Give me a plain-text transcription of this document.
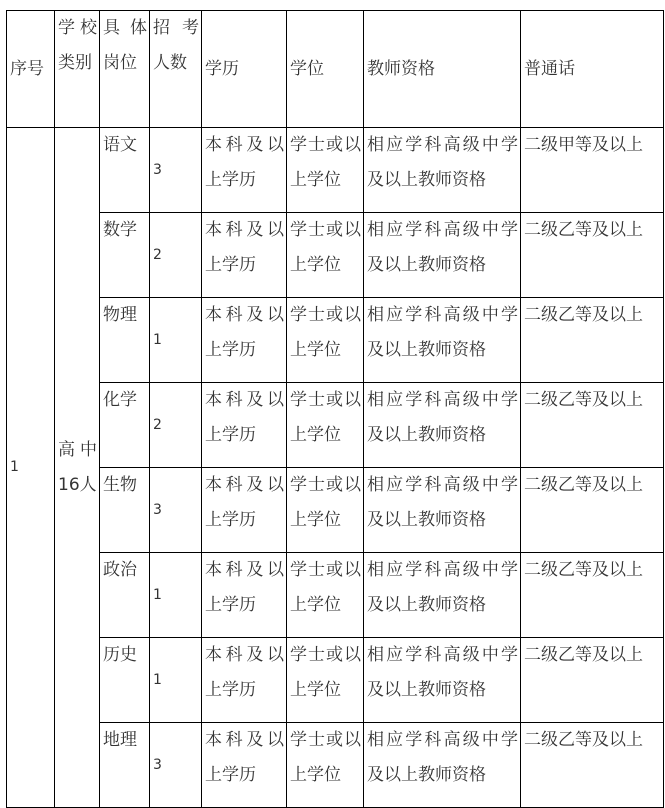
序号	学校类别	具 体岗位	招 考人数	学历	学位	教师资格	普通话
1	高中16人	语文	3	本科及以上学历	学士或以上学位	相应学科高级中学及以上教师资格	二级甲等及以上
		数学	2	本科及以上学历	学士或以上学位	相应学科高级中学及以上教师资格	二级乙等及以上
		物理	1	本科及以上学历	学士或以上学位	相应学科高级中学及以上教师资格	二级乙等及以上
		化学	2	本科及以上学历	学士或以上学位	相应学科高级中学及以上教师资格	二级乙等及以上
		生物	3	本科及以上学历	学士或以上学位	相应学科高级中学及以上教师资格	二级乙等及以上
		政治	1	本科及以上学历	学士或以上学位	相应学科高级中学及以上教师资格	二级乙等及以上
		历史	1	本科及以上学历	学士或以上学位	相应学科高级中学及以上教师资格	二级乙等及以上
		地理	3	本科及以上学历	学士或以上学位	相应学科高级中学及以上教师资格	二级乙等及以上
